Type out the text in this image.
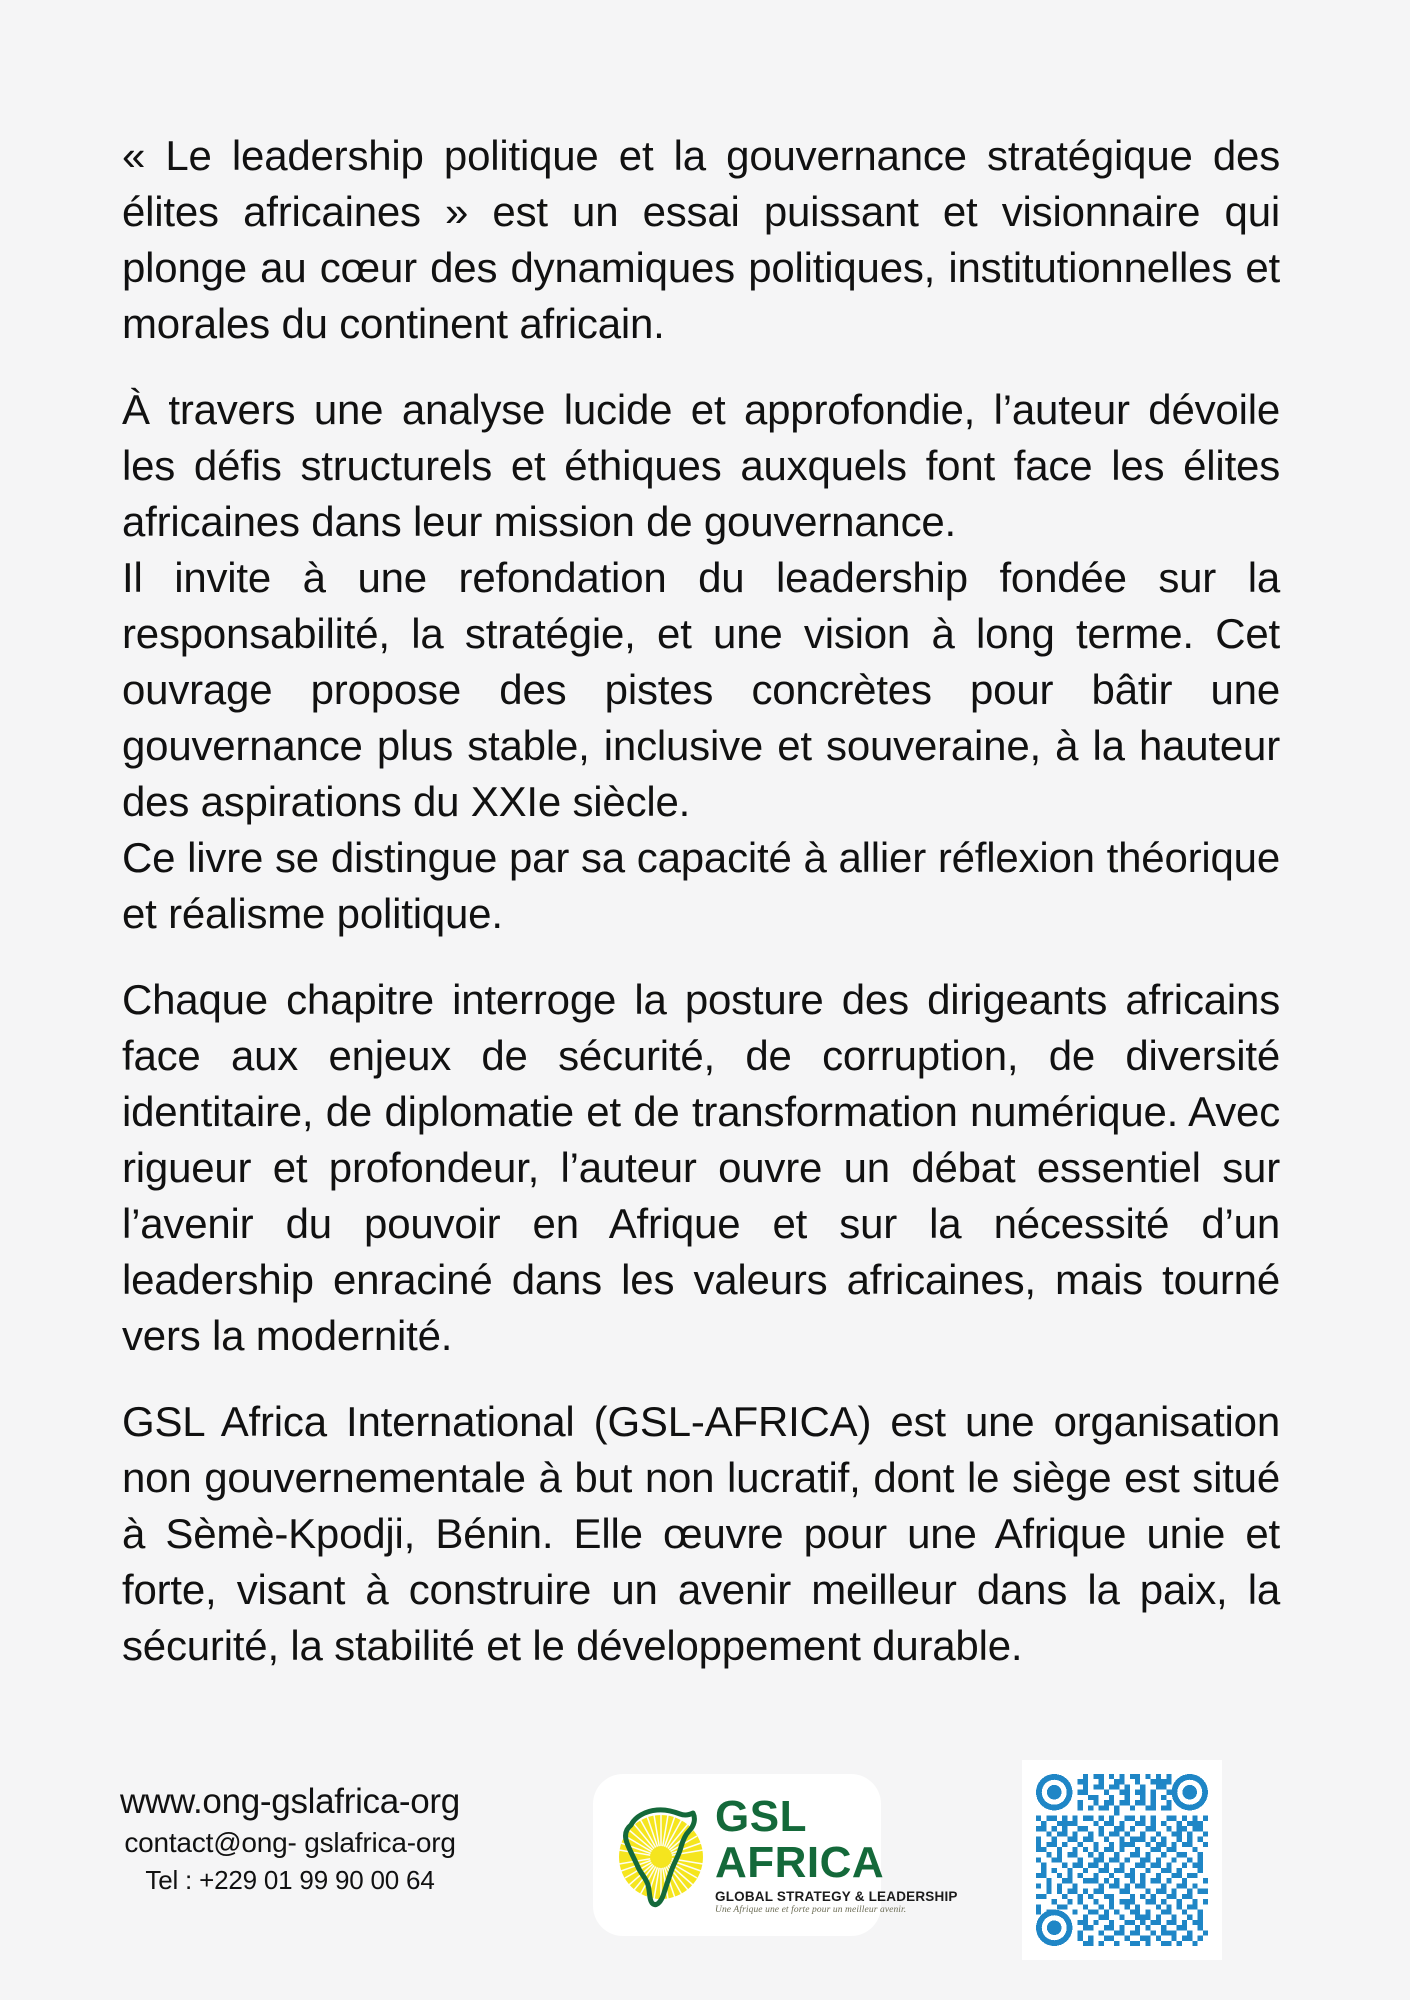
« Le leadership politique et la gouvernance stratégique des élites africaines » est un essai puissant et visionnaire qui plonge au cœur des dynamiques politiques, institutionnelles et morales du continent africain.

À travers une analyse lucide et approfondie, l’auteur dévoile les défis structurels et éthiques auxquels font face les élites africaines dans leur mission de gouvernance.

Il invite à une refondation du leadership fondée sur la responsabilité, la stratégie, et une vision à long terme. Cet ouvrage propose des pistes concrètes pour bâtir une gouvernance plus stable, inclusive et souveraine, à la hauteur des aspirations du XXIe siècle.

Ce livre se distingue par sa capacité à allier réflexion théorique et réalisme politique.

Chaque chapitre interroge la posture des dirigeants africains face aux enjeux de sécurité, de corruption, de diversité identitaire, de diplomatie et de transformation numérique. Avec rigueur et profondeur, l’auteur ouvre un débat essentiel sur l’avenir du pouvoir en Afrique et sur la nécessité d’un leadership enraciné dans les valeurs africaines, mais tourné vers la modernité.

GSL Africa International (GSL-AFRICA) est une organisation non gouvernementale à but non lucratif, dont le siège est situé à Sèmè-Kpodji, Bénin. Elle œuvre pour une Afrique unie et forte, visant à construire un avenir meilleur dans la paix, la sécurité, la stabilité et le développement durable.

www.ong-gslafrica-org
contact@ong- gslafrica-org
Tel : +229 01 99 90 00 64
GSL
AFRICA
GLOBAL STRATEGY & LEADERSHIP
Une Afrique une et forte pour un meilleur avenir.
